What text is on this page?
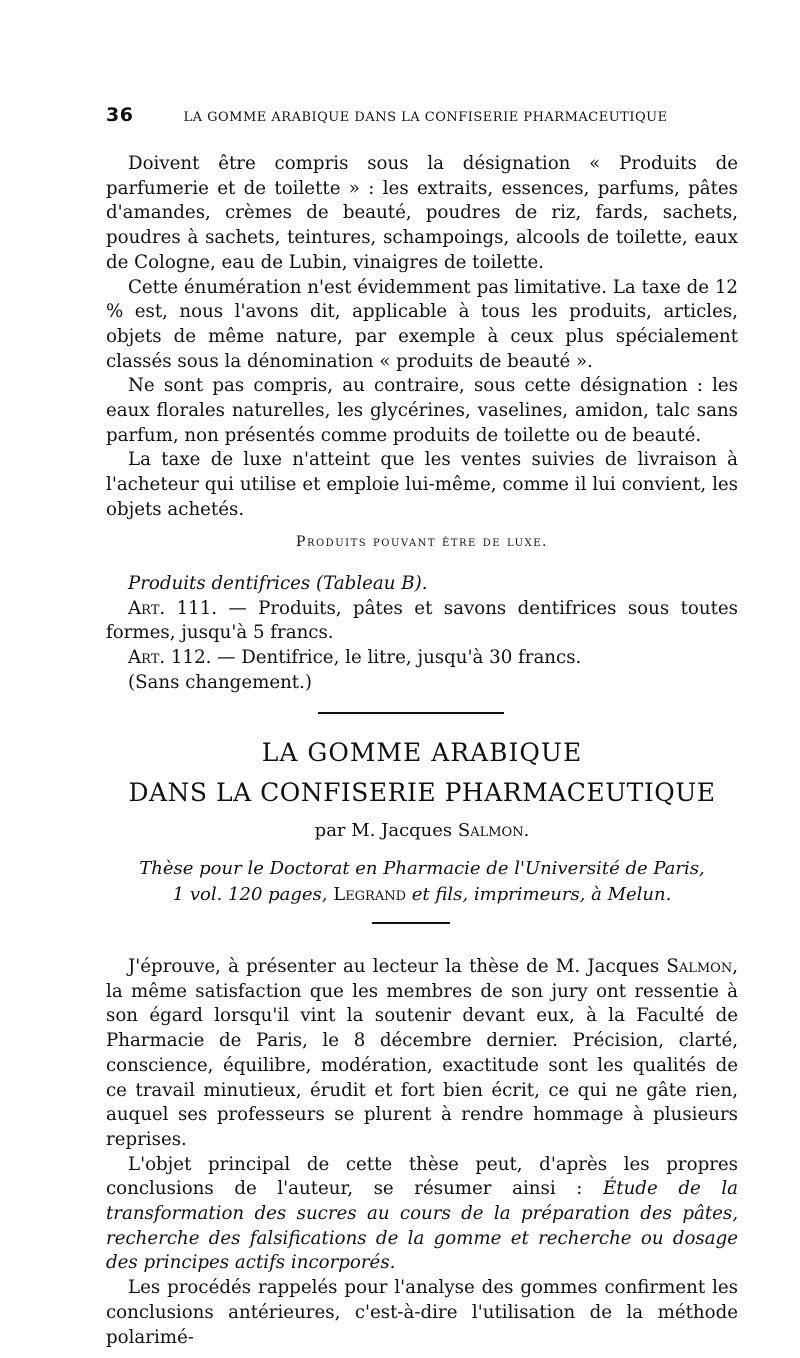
36	LA GOMME ARABIQUE DANS LA CONFISERIE PHARMACEUTIQUE

Doivent être compris sous la désignation « Produits de parfumerie et de toilette » : les extraits, essences, parfums, pâtes d'amandes, crèmes de beauté, poudres de riz, fards, sachets, poudres à sachets, teintures, schampoings, alcools de toilette, eaux de Cologne, eau de Lubin, vinaigres de toilette.

Cette énumération n'est évidemment pas limitative. La taxe de 12 % est, nous l'avons dit, applicable à tous les produits, articles, objets de même nature, par exemple à ceux plus spécialement classés sous la dénomination « produits de beauté ».

Ne sont pas compris, au contraire, sous cette désignation : les eaux florales naturelles, les glycérines, vaselines, amidon, talc sans parfum, non présentés comme produits de toilette ou de beauté.

La taxe de luxe n'atteint que les ventes suivies de livraison à l'acheteur qui utilise et emploie lui-même, comme il lui convient, les objets achetés.

Produits pouvant être de luxe.

Produits dentifrices (Tableau B).

Art. 111. — Produits, pâtes et savons dentifrices sous toutes formes, jusqu'à 5 francs.

Art. 112. — Dentifrice, le litre, jusqu'à 30 francs.

(Sans changement.)

LA GOMME ARABIQUE
DANS LA CONFISERIE PHARMACEUTIQUE
par M. Jacques Salmon.
Thèse pour le Doctorat en Pharmacie de l'Université de Paris,
1 vol. 120 pages, Legrand et fils, imprimeurs, à Melun.

J'éprouve, à présenter au lecteur la thèse de M. Jacques Salmon, la même satisfaction que les membres de son jury ont ressentie à son égard lorsqu'il vint la soutenir devant eux, à la Faculté de Pharmacie de Paris, le 8 décembre dernier. Précision, clarté, conscience, équilibre, modération, exactitude sont les qualités de ce travail minutieux, érudit et fort bien écrit, ce qui ne gâte rien, auquel ses professeurs se plurent à rendre hommage à plusieurs reprises.

L'objet principal de cette thèse peut, d'après les propres conclusions de l'auteur, se résumer ainsi : Étude de la transformation des sucres au cours de la préparation des pâtes, recherche des falsifications de la gomme et recherche ou dosage des principes actifs incorporés.

Les procédés rappelés pour l'analyse des gommes confirment les conclusions antérieures, c'est-à-dire l'utilisation de la méthode polarimé-
